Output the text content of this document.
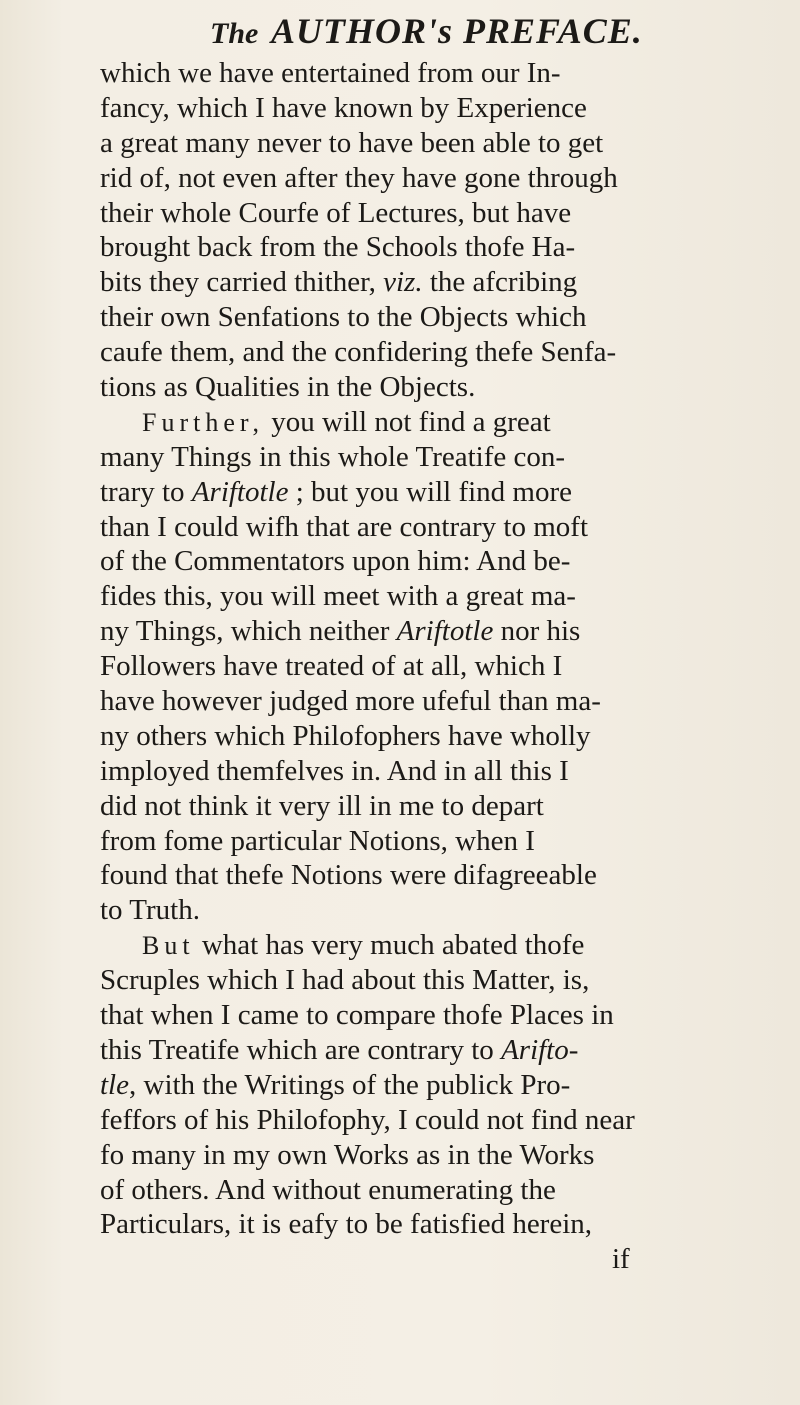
The AUTHOR's PREFACE.
which we have entertained from our In-
fancy, which I have known by Experience
a great many never to have been able to get
rid of, not even after they have gone through
their whole Courfe of Lectures, but have
brought back from the Schools thofe Ha-
bits they carried thither, viz. the afcribing
their own Senfations to the Objects which
caufe them, and the confidering thefe Senfa-
tions as Qualities in the Objects.
Further, you will not find a great
many Things in this whole Treatife con-
trary to Ariftotle ; but you will find more
than I could wifh that are contrary to moft
of the Commentators upon him: And be-
fides this, you will meet with a great ma-
ny Things, which neither Ariftotle nor his
Followers have treated of at all, which I
have however judged more ufeful than ma-
ny others which Philofophers have wholly
imployed themfelves in. And in all this I
did not think it very ill in me to depart
from fome particular Notions, when I
found that thefe Notions were difagreeable
to Truth.
But what has very much abated thofe
Scruples which I had about this Matter, is,
that when I came to compare thofe Places in
this Treatife which are contrary to Arifto-
tle, with the Writings of the publick Pro-
feffors of his Philofophy, I could not find near
fo many in my own Works as in the Works
of others. And without enumerating the
Particulars, it is eafy to be fatisfied herein,
if
